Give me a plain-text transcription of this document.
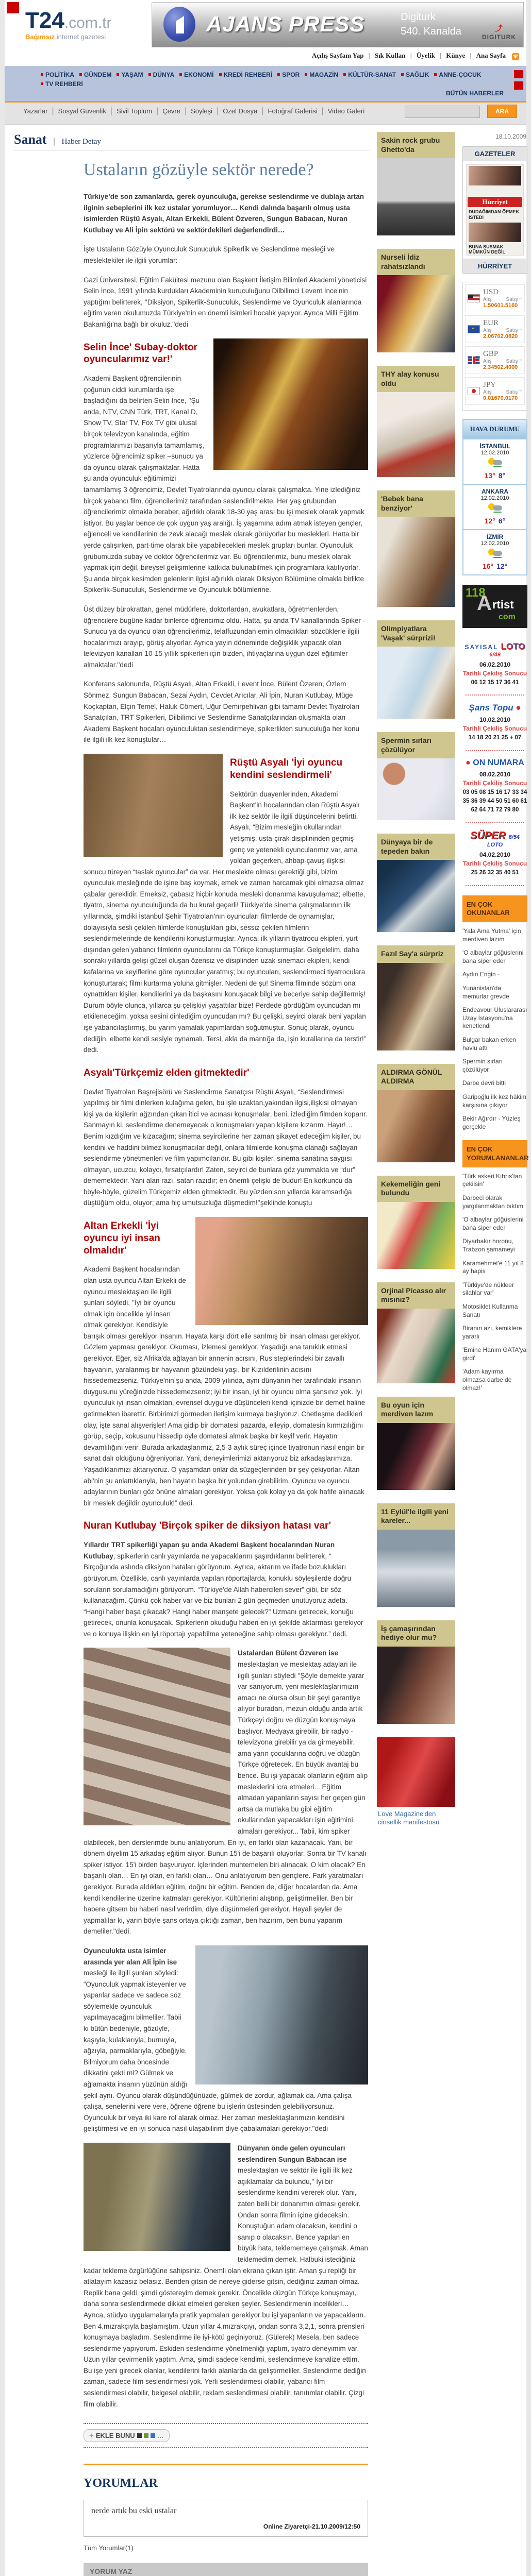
T24.com.tr
Bağımsız internet gazetesi
AJANS PRESS	Digiturk
540. Kanalda	⤴ DIGITURK
Açılış Sayfam Yap | Sık Kullan | Üyelik | Künye | Ana Sayfa ᯤ
POLİTİKA GÜNDEM YAŞAM DÜNYA EKONOMİ KREDİ REHBERİ SPOR MAGAZİN KÜLTÜR-SANAT SAĞLIK ANNE-ÇOCUKTV REHBERİ
BÜTÜN HABERLER
Yazarlar | Sosyal Güvenlik | Sivil Toplum | Çevre | Söyleşi | Özel Dosya | Fotoğraf Galerisi | Video Galeri	ARA
Sanat | Haber Detay
Ustaların gözüyle sektör nerede?

Türkiye’de son zamanlarda, gerek oyunculuğa, gerekse seslendirme ve dublaja artan ilginin sebeplerini ilk kez ustalar yorumluyor… Kendi dalında başarılı olmuş usta isimlerden Rüştü Asyalı, Altan Erkekli, Bülent Özveren, Sungun Babacan, Nuran Kutlubay ve Ali İpin sektörü ve sektördekileri değerlendirdi…

İşte Ustaların Gözüyle Oyunculuk Sunuculuk Spikerlik ve Seslendirme mesleği ve meslektekiler ile ilgili yorumlar:

Gazi Üniversitesi, Eğitim Fakültesi mezunu olan Başkent İletişim Bilimleri Akademi yöneticisi Selin İnce, 1991 yılında kurdukları Akademinin kuruculuğunu Dilbilimci Levent İnce'nin yaptığını belirterek, ''Diksiyon, Spikerlik-Sunuculuk, Seslendirme ve Oyunculuk alanlarında eğitim veren okulumuzda Türkiye'nin en önemli isimleri hocalık yapıyor. Ayrıca Milli Eğitim Bakanlığı'na bağlı bir okuluz.''dedi

Selin İnce' Subay-doktor oyuncularımız var!'

Akademi Başkent öğrencilerinin çoğunun ciddi kurumlarda işe başladığını da belirten Selin İnce, ''Şu anda, NTV, CNN Türk, TRT, Kanal D, Show TV, Star TV, Fox TV gibi ulusal birçok televizyon kanalında, eğitim programlarımızı başarıyla tamamlamış, yüzlerce öğrencimiz spiker –sunucu ya da oyuncu olarak çalışmaktalar. Hatta şu anda oyunculuk eğitimimizi tamamlamış 3 öğrencimiz, Devlet Tiyatrolarında oyuncu olarak çalışmakta. Yine izlediğiniz birçok yabancı film, öğrencilerimiz tarafından seslendirilmekte. Her yaş grubundan öğrencilerimiz olmakla beraber, ağırlıklı olarak 18-30 yaş arası bu işi meslek olarak yapmak istiyor. Bu yaşlar bence de çok uygun yaş aralığı. İş yaşamına adım atmak isteyen gençler, eğlenceli ve kendilerinin de zevk alacağı meslek olarak görüyorlar bu meslekleri. Hatta bir yerde çalışırken, part-time olarak bile yapabilecekleri meslek grupları bunlar. Oyunculuk grubumuzda subay ve doktor öğrencilerimiz var. Bu öğrencilerimiz, bunu meslek olarak yapmak için değil, bireysel gelişimlerine katkıda bulunabilmek için programlara katılıyorlar. Şu anda birçok kesimden gelenlerin ilgisi ağırlıklı olarak Diksiyon Bölümüne olmakla birlikte Spikerlik-Sunuculuk, Seslendirme ve Oyunculuk bölümlerine.

Üst düzey bürokrattan, genel müdürlere, doktorlardan, avukatlara, öğretmenlerden, öğrencilere bugüne kadar binlerce öğrencimiz oldu. Hatta, şu anda TV kanallarında Spiker - Sunucu ya da oyuncu olan öğrencilerimiz, telaffuzundan emin olmadıkları sözcüklerle ilgili hocalarımızı arayıp, görüş alıyorlar. Ayrıca yayın döneminde değişiklik yapacak olan televizyon kanalları 10-15 yıllık spikerleri için bizden, ihtiyaçlarına uygun özel eğitimler almaktalar.''dedi

Konferans salonunda, Rüştü Asyalı, Altan Erkekli, Levent İnce, Bülent Özeren, Özlem Sönmez, Sungun Babacan, Sezai Aydın, Cevdet Arıcılar, Ali İpin, Nuran Kutlubay, Müge Koçkaptan, Elçin Temel, Haluk Cömert, Uğur Demirpehlivan gibi tamamı Devlet Tiyatroları Sanatçıları, TRT Spikerleri, Dilbilimci ve Seslendirme Sanatçılarından oluşmakta olan Akademi Başkent hocaları oyunculuktan seslendirmeye, spikerlikten sunuculuğa her konu ile ilgili ilk kez konuştular…

Rüştü Asyalı 'İyi oyuncu kendini seslendirmeli'

Sektörün duayenlerinden, Akademi Başkent'in hocalarından olan Rüştü Asyalı ilk kez sektör ile ilgili düşüncelerini belirtti. Asyalı, “Bizim mesleğin okullarından yetişmiş, usta-çırak disiplininden geçmiş genç ve yetenekli oyuncularımız var, ama yoldan geçerken, ahbap-çavuş ilişkisi sonucu türeyen “taslak oyuncular” da var. Her meslekte olması gerektiği gibi, bizim oyunculuk mesleğinde de işine baş koymak, emek ve zaman harcamak gibi olmazsa olmaz çabalar gereklidir. Emeksiz, çabasız hiçbir konuda mesleki donanıma kavuşulamaz; elbette, tiyatro, sinema oyunculuğunda da bu kural geçerli! Türkiye'de sinema çalışmalarının ilk yıllarında, şimdiki İstanbul Şehir Tiyatroları'nın oyuncuları filmlerde de oynamışlar, dolayısıyla sesli çekilen filmlerde konuştukları gibi, sessiz çekilen filmlerin seslendirmelerinde de kendilerini konuşturmuşlar. Ayrıca, ilk yılların tiyatrocu ekipleri, yurt dışından gelen yabancı filmlerin oyuncularını da Türkçe konuşturmuşlar. Gelgelelim, daha sonraki yıllarda gelişi güzel oluşan özensiz ve disiplinden uzak sinemacı ekipleri, kendi kafalarına ve keyiflerine göre oyuncular yaratmış; bu oyuncuları, seslendirmeci tiyatroculara konuşturtarak; filmi kurtarma yoluna gitmişler. Nedeni de şu! Sinema filminde sözüm ona oynattıkları kişiler, kendilerini ya da başkasını konuşacak bilgi ve beceriye sahip değillermiş! Durum böyle olunca, yıllarca şu çelişkiyi yaşattılar bize! Perdede gördüğüm oyuncudan mı etkileneceğim, yoksa sesini dinlediğim oyuncudan mı? Bu çelişki, seyirci olarak beni yapılan işe yabancılaştırmış, bu yarım yamalak yapımlardan soğutmuştur. Sonuç olarak, oyuncu dediğin, elbette kendi sesiyle oynamalı. Tersi, akla da mantığa da, işin kurallarına da terstir!” dedi.

Asyalı'Türkçemiz elden gitmektedir'

Devlet Tiyatroları Başrejisörü ve Seslendirme Sanatçısı Rüştü Asyalı, “Seslendirmesi yapılmış bir filmi dinlerken kulağıma gelen, bu işle uzaktan,yakından ilgisi,ilişkisi olmayan kişi ya da kişilerin ağzından çıkan itici ve acınası konuşmalar, beni, izlediğim filmden koparır. Sanmayın ki, seslendirme denemeyecek o konuşmaları yapan kişilere kızarım. Hayır!… Benim kızdığım ve kızacağım; sinema seyircilerine her zaman şikayet edeceğim kişiler, bu kendini ve haddini bilmez konuşmacılar değil, onlara filmlerde konuşma olanağı sağlayan seslendirme yönetmenleri ve film yapımcılarıdır. Bu gibi kişiler, sinema sanatına saygısı olmayan, ucuzcu, kolaycı, fırsatçılardır! Zaten, seyirci de bunlara göz yummakta ve “dur” dememektedir. Yani alan razı, satan razıdır; en önemli çelişki de budur! En korkuncu da böyle-böyle, güzelim Türkçemiz elden gitmektedir. Bu yüzden son yıllarda karamsarlığa düştüğüm oldu, oluyor; ama hiç umutsuzluğa düşmedim!''şeklinde konuştu

Altan Erkekli 'İyi oyuncu iyi insan olmalıdır'

Akademi Başkent hocalarından olan usta oyuncu Altan Erkekli de oyuncu meslektaşları ile ilgili şunları söyledi, ''İyi bir oyuncu olmak için öncelikle iyi insan olmak gerekiyor. Kendisiyle barışık olması gerekiyor insanın. Hayata karşı dört elle sarılmış bir insan olması gerekiyor. Gözlem yapması gerekiyor. Okuması, izlemesi gerekiyor. Yaşadığı ana tanıklık etmesi gerekiyor. Eğer, siz Afrika'da ağlayan bir annenin acısını, Rus steplerindeki bir zavallı hayvanın, yaralanmış bir hayvanın gözündeki yaşı, bir Kızılderilinin acısını hissedemezseniz, Türkiye'nin şu anda, 2009 yılında, aynı dünyanın her tarafındaki insanın duygusunu yüreğinizde hissedemezseniz; iyi bir insan, iyi bir oyuncu olma şansınız yok. İyi oyunculuk iyi insan olmaktan, evrensel duygu ve düşünceleri kendi içinizde bir demet haline getirmekten ibarettir. Birbirimizi görmeden iletişim kurmaya başlıyoruz. Chetleşme dedikleri olay, işte sanal alışverişler! Ama gidip bir domatesi pazarda, elleyip, domatesin kırmızılığını görüp, seçip, kokusunu hissedip öyle domatesi almak başka bir keyif verir. Hayatın devamlılığını verir. Burada arkadaşlarımız, 2,5-3 aylık süreç içince tiyatronun nasıl engin bir sanat dalı olduğunu öğreniyorlar. Yani, deneyimlerimizi aktarıyoruz biz arkadaşlarımıza. Yaşadıklarımızı aktarıyoruz. O yaşamdan onlar da süzgeçlerinden bir şey çekiyorlar. Altan abi'nin şu anlattıklarıyla, ben hayatın başka bir yolundan girebilirim. Oyuncu ve oyuncu adaylarının bunları göz önüne almaları gerekiyor. Yoksa çok kolay ya da çok hafife alınacak bir meslek değildir oyunculuk!” dedi.

Nuran Kutlubay 'Birçok spiker de diksiyon hatası var'

Yıllardır TRT spikerliği yapan şu anda Akademi Başkent hocalarından Nuran Kutlubay, spikerlerin canlı yayınlarda ne yapacaklarını şaşırdıklarını belirterek, “ Birçoğunda aslında diksiyon hataları görüyorum. Ayrıca, aktarım ve ifade bozuklukları görüyorum. Özellikle, canlı yayınlarda yapılan röportajlarda, konuklu söyleşilerde doğru soruların sorulamadığını görüyorum. “Türkiye'de Allah habercileri sever” gibi, bir söz kullanacağım. Çünkü çok haber var ve biz bunları 2 gün geçmeden unutuyoruz adeta. “Hangi haber başa çıkacak? Hangi haber manşete gelecek?” Uzmanı getirecek, konuğu getirecek, onunla konuşacak. Spikerlerin okuduğu haberi en iyi şekilde aktarması gerekiyor ve o konuya ilişkin en iyi röportajı yapabilme yeteneğine sahip olması gerekiyor.” dedi.

Ustalardan Bülent Özveren ise meslektaşları ve meslektaş adayları ile ilgili şunları söyledi ''Şöyle demekte yarar var sanıyorum, yeni meslektaşlarımızın amacı ne olursa olsun bir şeyi garantiye alıyor buradan, mezun olduğu anda artık Türkçeyi doğru ve düzgün konuşmaya başlıyor. Medyaya girebilir, bir radyo - televizyona girebilir ya da girmeyebilir, ama yarın çocuklarına doğru ve düzgün Türkçe öğretecek. En büyük avantaj bu bence. Bu işi yapacak olanların eğitim alıp mesleklerini icra etmeleri... Eğitim almadan yapanların sayısı her geçen gün artsa da mutlaka bu gibi eğitim okullarından yapacakları işin eğitimini almaları gerekiyor... Tabii, kim spiker olabilecek, ben derslerimde bunu anlatıyorum. En iyi, en farklı olan kazanacak. Yani, bir dönem diyelim 15 arkadaş eğitim alıyor. Bunun 15'i de başarılı oluyorlar. Sonra bir TV kanalı spiker istiyor. 15'i birden başvuruyor. İçlerinden muhtemelen biri alınacak. O kim olacak? En başarılı olan… En iyi olan, en farklı olan… Onu anlatıyorum ben gençlere. Fark yaratmaları gerekiyor. Burada aldıkları eğitim, doğru bir eğitim. Benden de, diğer hocalardan da. Ama kendi kendilerine üzerine katmaları gerekiyor. Kültürlerini alıştırıp, geliştirmeliler. Ben bir habere gitsem bu haberi nasıl verirdim, diye düşünmeleri gerekiyor. Hayali şeyler de yapmalılar ki, yarın böyle şans ortaya çıktığı zaman, ben hazırım, ben bunu yaparım demeliler.''dedi.

Oyunculukta usta isimler arasında yer alan Ali İpin ise mesleği ile ilgili şunları söyledi: “Oyunculuk yapmak isteyenler ve yapanlar sadece ve sadece söz söylemekle oyunculuk yapılmayacağını bilmeliler. Tabii ki bütün bedeniyle, gözüyle, kaşıyla, kulaklarıyla, burnuyla, ağzıyla, parmaklarıyla, göbeğiyle. Bilmiyorum daha öncesinde dikkatini çekti mi? Gülmek ve ağlamakta insanın yüzünün aldığı şekil aynı. Oyuncu olarak düşündüğünüzde, gülmek de zordur, ağlamak da. Ama çalışa çalışa, senelerini vere vere, öğrene öğrene bu işlerin üstesinden gelebiliyorsunuz. Oyunculuk bir veya iki kare rol alarak olmaz. Her zaman meslektaşlarımızın kendisini geliştirmesi ve en iyi sonuca nasıl ulaşabilirim diye çabalamaları gerekiyor.''dedi

Dünyanın önde gelen oyuncuları seslendiren Sungun Babacan ise meslektaşları ve sektör ile ilgili ilk kez açıklamalar da bulundu,'' İyi bir seslendirme kendini vererek olur. Yani, zaten belli bir donanımın olması gerekir. Ondan sonra filmin içine gideceksin. Konuştuğun adam olacaksın, kendini o sanıp o olacaksın. Bence yapılan en büyük hata, teklememeye çalışmak. Aman teklemedim demek. Halbuki istediğiniz kadar tekleme özgürlüğüne sahipsiniz. Önemli olan ekrana çıkan iştir. Aman şu repliği bir atlatayım kazasız belasız. Benden gitsin de nereye giderse gitsin, dediğiniz zaman olmaz. Replik bana geldi, şimdi göstereyim demek gerekir. Öncelikle düzgün Türkçe konuşmayı, daha sonra seslendirmede dikkat etmeleri gereken şeyler. Seslendirmenin incelikleri… Ayrıca, stüdyo uygulamalarıyla pratik yapmaları gerekiyor bu işi yapanların ve yapacakların. Ben 4.mızrakçıyla başlamıştım. Uzun yıllar 4.mızrakçıyı, ondan sonra 3,2,1, sonra prensleri konuşmaya başladım. Seslendirme ile iyi-kötü geçiniyoruz. (Gülerek) Mesela, ben sadece seslendirme yapıyorum. Eskiden seslendirme yönetmenliği yaptım, tiyatro deneyimim var. Uzun yıllar çevirmenlik yaptım. Ama, şimdi sadece kendimi, seslendirmeye kanalize ettim. Bu işe yeni girecek olanlar, kendilerini farklı alanlarda da geliştirmeliler. Seslendirme dediğin zaman, sadece film seslendirmesi yok. Yerli seslendirmesi olabilir, yabancı film seslendirmesi olabilir, belgesel olabilir, reklam seslendirmesi olabilir, tanıtımlar olabilir. Çizgi film olabilir.

+ EKLE BUNU	…
YORUMLAR
nerde artık bu eski ustalar
Online Ziyaretçi-21.10.2009/12:50
Tüm Yorumlar(1)
YORUM YAZ
Sakin rock grubu Ghetto'da
Nurseli İdiz rahatsızlandı
THY alay konusu oldu
'Bebek bana benziyor'
Olimpiyatlara 'Vaşak' sürprizi!
Spermin sırları çözülüyor
Dünyaya bir de tepeden bakın
Fazıl Say'a sürpriz
ALDIRMA GÖNÜL ALDIRMA
Kekemeliğin geni bulundu
Orjinal Picasso alır mısınız?
Bu oyun için merdiven lazım
11 Eylül'le ilgili yeni kareler...
İş çamaşırından hediye olur mu?
Love Magazine'den cinsellik manifestosu
18.10.2009
GAZETELER
Hürriyet
DUDAĞIMDAN ÖPMEK İSTEDİ
BUNA SUSMAK MÜMKÜN DEĞİL
HÜRRİYET
USD
Alış	Satış
1.5060 1.5160
→
✶
EUR
Alış	Satış
2.0670 2.0820
→
GBP
Alış	Satış
2.3450 2.4000
→
JPY
Alış	Satış
0.0167 0.0170
→
HAVA DURUMU
İSTANBUL
12.02.2010
13° 8°
ANKARA
12.02.2010
12° 6°
İZMİR
12.02.2010
16° 12°
118
A rtist
com
SAYISAL LOTO 6/49
06.02.2010
Tarihli Çekiliş Sonucu
06 12 15 17 36 41
Şans Topu ●
10.02.2010
Tarihli Çekiliş Sonucu
14 18 20 21 25 + 07
● ON NUMARA
08.02.2010
Tarihli Çekiliş Sonucu
03 05 08 15 16 17 33 34
35 36 39 44 50 51 60 61
62 64 71 72 79 80
SÜPER 6/54 LOTO
04.02.2010
Tarihli Çekiliş Sonucu
25 26 32 35 40 51
EN ÇOK OKUNANLAR
'Yala Ama Yutma' için merdiven lazım
'O albaylar göğüslerini bana siper eder'
Aydın Engin -
Yunanistan'da memurlar grevde
Endeavour Uluslararası Uzay İstasyonu'na kenetlendi
Bulgar bakan erken havlu attı
Spermin sırları çözülüyor
Darbe devri bitti
Garipoğlu ilk kez hâkim karşısına çıkıyor
Bekir Ağırdır - Yüzleş gerçekle
EN ÇOK YORUMLANANLAR
'Türk askeri Kıbrıs'tan çekilsin'
Darbeci olarak yargılanmaktan bıktım
'O albaylar göğüslerini bana siper eder'
Diyarbakır horonu, Trabzon şamameyi
Karamehmet'e 11 yıl 8 ay hapis
'Türkiye'de nükleer silahlar var'
Motosiklet Kullanma Sanatı
Biranın azı, kemiklere yararlı
'Emine Hanım GATA'ya girdi'
'Adam kayırma olmazsa darbe de olmaz!'
